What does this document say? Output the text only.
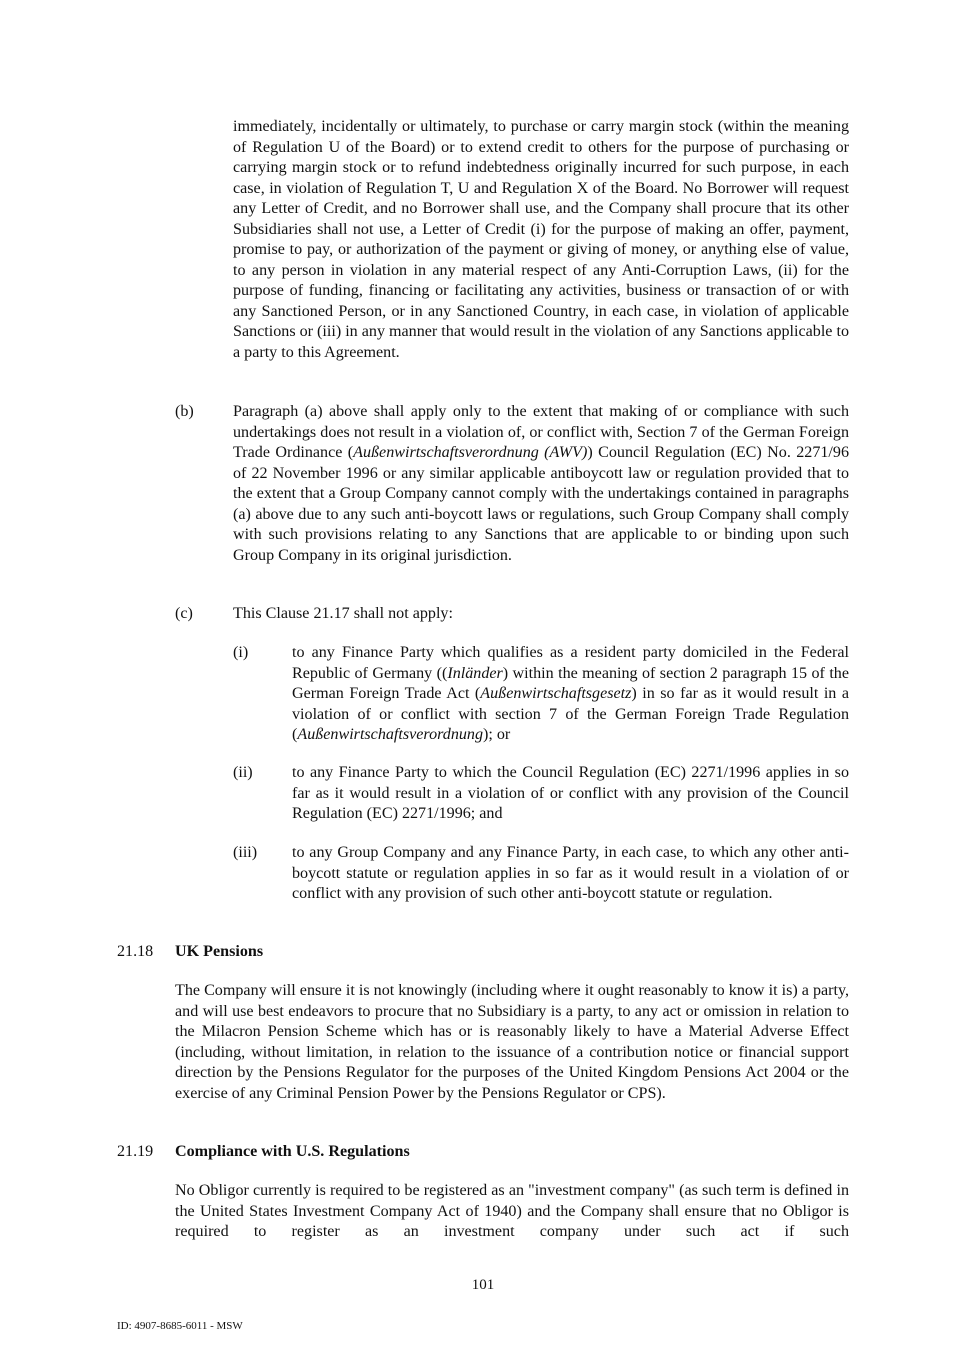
immediately, incidentally or ultimately, to purchase or carry margin stock (within the meaning of Regulation U of the Board) or to extend credit to others for the purpose of purchasing or carrying margin stock or to refund indebtedness originally incurred for such purpose, in each case, in violation of Regulation T, U and Regulation X of the Board. No Borrower will request any Letter of Credit, and no Borrower shall use, and the Company shall procure that its other Subsidiaries shall not use, a Letter of Credit (i) for the purpose of making an offer, payment, promise to pay, or authorization of the payment or giving of money, or anything else of value, to any person in violation in any material respect of any Anti-Corruption Laws, (ii) for the purpose of funding, financing or facilitating any activities, business or transaction of or with any Sanctioned Person, or in any Sanctioned Country, in each case, in violation of applicable Sanctions or (iii) in any manner that would result in the violation of any Sanctions applicable to a party to this Agreement.

(b) Paragraph (a) above shall apply only to the extent that making of or compliance with such undertakings does not result in a violation of, or conflict with, Section 7 of the German Foreign Trade Ordinance (Außenwirtschaftsverordnung (AWV)) Council Regulation (EC) No. 2271/96 of 22 November 1996 or any similar applicable antiboycott law or regulation provided that to the extent that a Group Company cannot comply with the undertakings contained in paragraphs (a) above due to any such anti-boycott laws or regulations, such Group Company shall comply with such provisions relating to any Sanctions that are applicable to or binding upon such Group Company in its original jurisdiction.

(c) This Clause 21.17 shall not apply:

(i)	to any Finance Party which qualifies as a resident party domiciled in the Federal Republic of Germany ((Inländer) within the meaning of section 2 paragraph 15 of the German Foreign Trade Act (Außenwirtschaftsgesetz) in so far as it would result in a violation of or conflict with section 7 of the German Foreign Trade Regulation (Außenwirtschaftsverordnung); or

(ii) to any Finance Party to which the Council Regulation (EC) 2271/1996 applies in so far as it would result in a violation of or conflict with any provision of the Council Regulation (EC) 2271/1996; and

(iii) to any Group Company and any Finance Party, in each case, to which any other anti-boycott statute or regulation applies in so far as it would result in a violation of or conflict with any provision of such other anti-boycott statute or regulation.

21.18 UK Pensions

The Company will ensure it is not knowingly (including where it ought reasonably to know it is) a party, and will use best endeavors to procure that no Subsidiary is a party, to any act or omission in relation to the Milacron Pension Scheme which has or is reasonably likely to have a Material Adverse Effect (including, without limitation, in relation to the issuance of a contribution notice or financial support direction by the Pensions Regulator for the purposes of the United Kingdom Pensions Act 2004 or the exercise of any Criminal Pension Power by the Pensions Regulator or CPS).

21.19 Compliance with U.S. Regulations

No Obligor currently is required to be registered as an "investment company" (as such term is defined in the United States Investment Company Act of 1940) and the Company shall ensure that no Obligor is required to register as an investment company under such act if such

101
ID: 4907-8685-6011 - MSW
